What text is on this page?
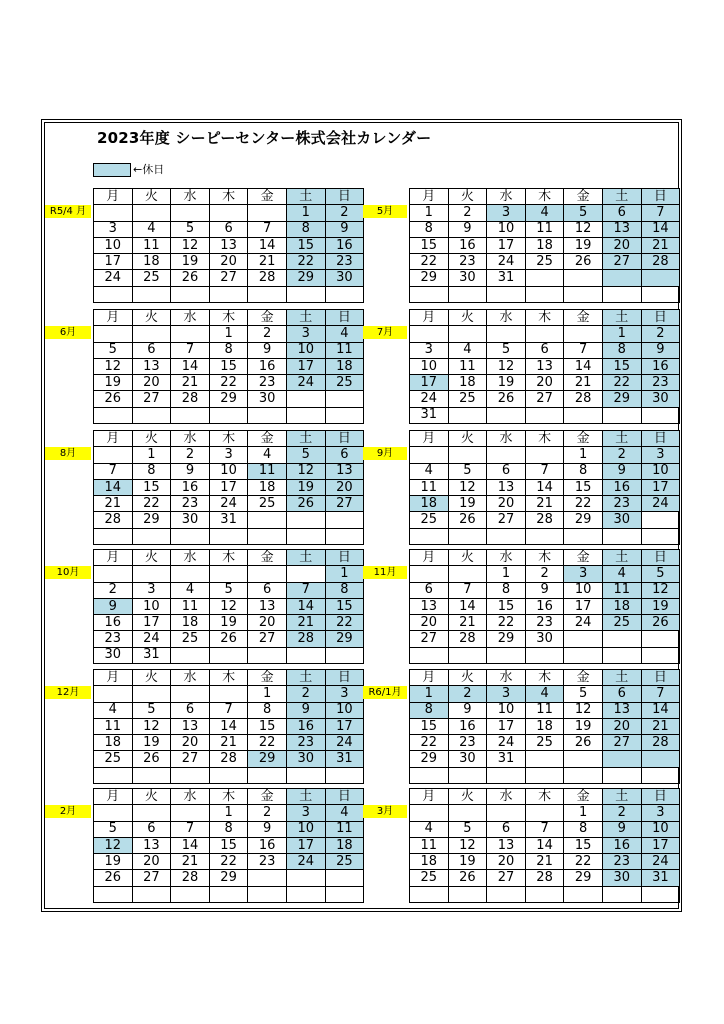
2023年度 シーピーセンター株式会社カレンダー
←休日
R5/4 月
月	火	水	木	金	土	日
					1	2
3	4	5	6	7	8	9
10	11	12	13	14	15	16
17	18	19	20	21	22	23
24	25	26	27	28	29	30

5月
月	火	水	木	金	土	日
1	2	3	4	5	6	7
8	9	10	11	12	13	14
15	16	17	18	19	20	21
22	23	24	25	26	27	28
29	30	31				

6月
月	火	水	木	金	土	日
			1	2	3	4
5	6	7	8	9	10	11
12	13	14	15	16	17	18
19	20	21	22	23	24	25
26	27	28	29	30		

7月
月	火	水	木	金	土	日
					1	2
3	4	5	6	7	8	9
10	11	12	13	14	15	16
17	18	19	20	21	22	23
24	25	26	27	28	29	30
31						
8月
月	火	水	木	金	土	日
	1	2	3	4	5	6
7	8	9	10	11	12	13
14	15	16	17	18	19	20
21	22	23	24	25	26	27
28	29	30	31			

9月
月	火	水	木	金	土	日
				1	2	3
4	5	6	7	8	9	10
11	12	13	14	15	16	17
18	19	20	21	22	23	24
25	26	27	28	29	30	

10月
月	火	水	木	金	土	日
						1
2	3	4	5	6	7	8
9	10	11	12	13	14	15
16	17	18	19	20	21	22
23	24	25	26	27	28	29
30	31					
11月
月	火	水	木	金	土	日
		1	2	3	4	5
6	7	8	9	10	11	12
13	14	15	16	17	18	19
20	21	22	23	24	25	26
27	28	29	30			

12月
月	火	水	木	金	土	日
				1	2	3
4	5	6	7	8	9	10
11	12	13	14	15	16	17
18	19	20	21	22	23	24
25	26	27	28	29	30	31

R6/1月
月	火	水	木	金	土	日
1	2	3	4	5	6	7
8	9	10	11	12	13	14
15	16	17	18	19	20	21
22	23	24	25	26	27	28
29	30	31				

2月
月	火	水	木	金	土	日
			1	2	3	4
5	6	7	8	9	10	11
12	13	14	15	16	17	18
19	20	21	22	23	24	25
26	27	28	29			

3月
月	火	水	木	金	土	日
				1	2	3
4	5	6	7	8	9	10
11	12	13	14	15	16	17
18	19	20	21	22	23	24
25	26	27	28	29	30	31
